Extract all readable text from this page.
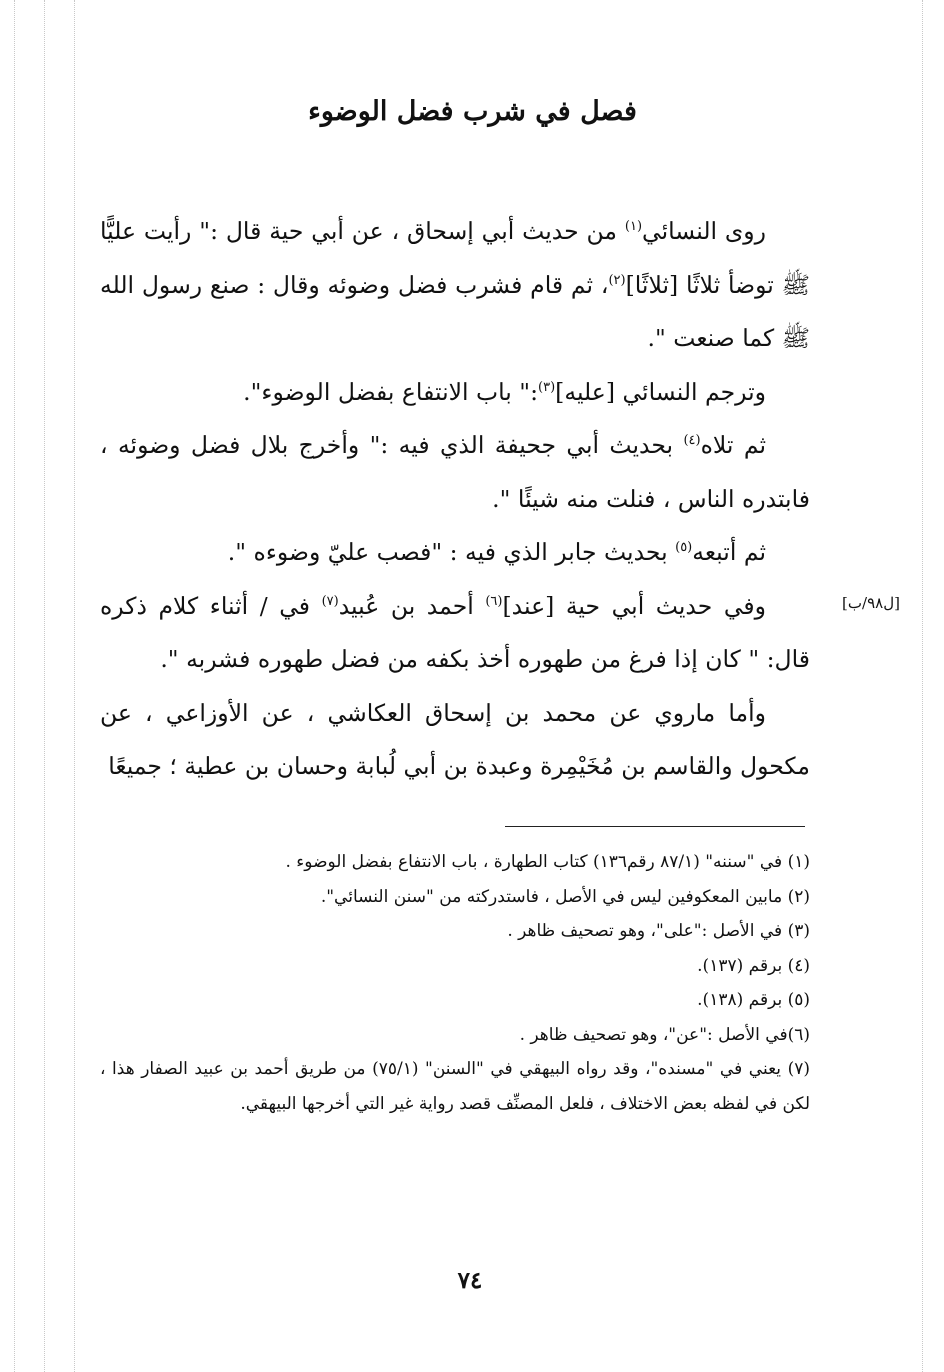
فصل في شرب فضل الوضوء

روى النسائي$^{(١)}$ من حديث أبي إسحاق ، عن أبي حية قال :" رأيت عليًّا ﷺ توضأ ثلاثًا [ثلاثًا]$^{(٢)}$، ثم قام فشرب فضل وضوئه وقال : صنع رسول الله ﷺ كما صنعت ".

وترجم النسائي [عليه]$^{(٣)}$:" باب الانتفاع بفضل الوضوء".

ثم تلاه$^{(٤)}$ بحديث أبي جحيفة الذي فيه :" وأخرج بلال فضل وضوئه ، فابتدره الناس ، فنلت منه شيئًا ".

ثم أتبعه$^{(٥)}$ بحديث جابر الذي فيه : "فصب عليّ وضوءه ".

وفي حديث أبي حية [عند]$^{(٦)}$ أحمد بن عُبيد$^{(٧)}$ في / أثناء كلام ذكره قال: " كان إذا فرغ من طهوره أخذ بكفه من فضل طهوره فشربه ".

وأما ماروي عن محمد بن إسحاق العكاشي ، عن الأوزاعي ، عن مكحول والقاسم بن مُخَيْمِرة وعبدة بن أبي لُبابة وحسان بن عطية ؛ جميعًا

[ل٩٨/ب]

(١) في "سننه" (٨٧/١ رقم١٣٦) كتاب الطهارة ، باب الانتفاع بفضل الوضوء .

(٢) مابين المعكوفين ليس في الأصل ، فاستدركته من "سنن النسائي".

(٣) في الأصل :"على"، وهو تصحيف ظاهر .

(٤) برقم (١٣٧).

(٥) برقم (١٣٨).

(٦)في الأصل :"عن"، وهو تصحيف ظاهر .

(٧) يعني في "مسنده"، وقد رواه البيهقي في "السنن" (٧٥/١) من طريق أحمد بن عبيد الصفار هذا ، لكن في لفظه بعض الاختلاف ، فلعل المصنِّف قصد رواية غير التي أخرجها البيهقي.

٧٤
